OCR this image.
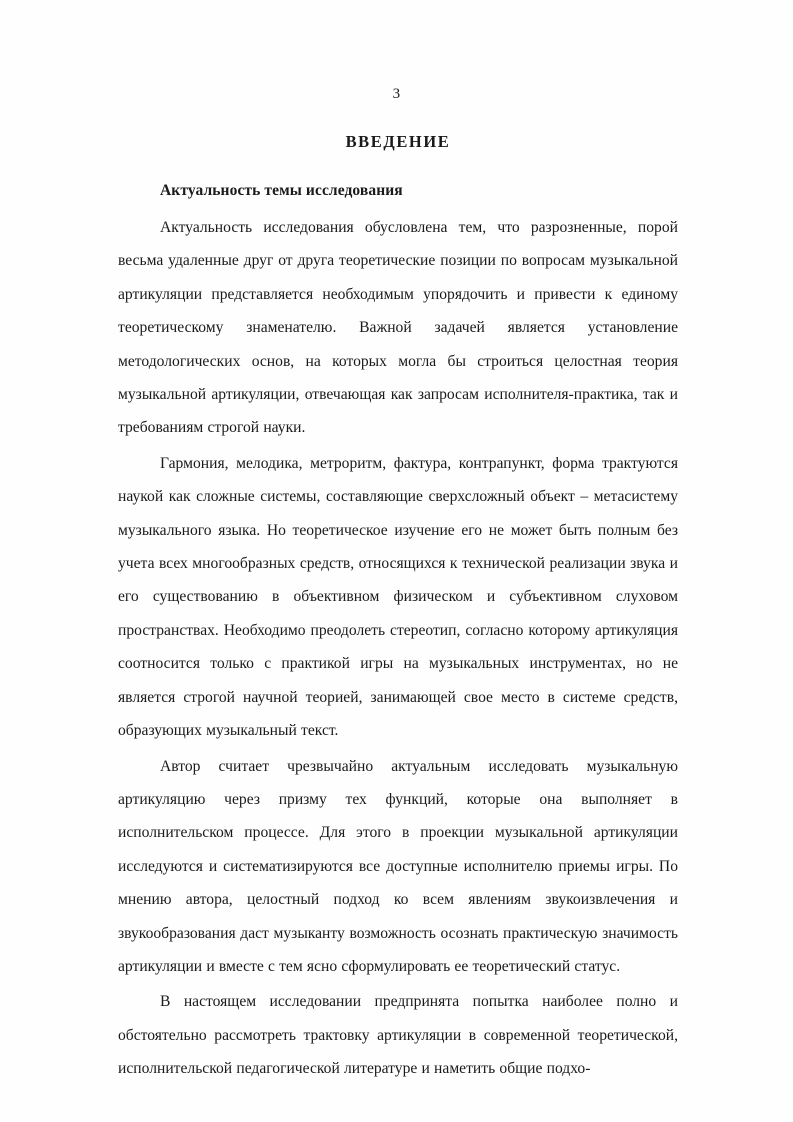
3
ВВЕДЕНИЕ
Актуальность темы исследования

Актуальность исследования обусловлена тем, что разрозненные, порой весьма удаленные друг от друга теоретические позиции по вопросам музыкальной артикуляции представляется необходимым упорядочить и привести к единому теоретическому знаменателю. Важной задачей является установление методологических основ, на которых могла бы строиться целостная теория музыкальной артикуляции, отвечающая как запросам исполнителя-практика, так и требованиям строгой науки.

Гармония, мелодика, метроритм, фактура, контрапункт, форма трактуются наукой как сложные системы, составляющие сверхсложный объект – метасистему музыкального языка. Но теоретическое изучение его не может быть полным без учета всех многообразных средств, относящихся к технической реализации звука и его существованию в объективном физическом и субъективном слуховом пространствах. Необходимо преодолеть стереотип, согласно которому артикуляция соотносится только с практикой игры на музыкальных инструментах, но не является строгой научной теорией, занимающей свое место в системе средств, образующих музыкальный текст.

Автор считает чрезвычайно актуальным исследовать музыкальную артикуляцию через призму тех функций, которые она выполняет в исполнительском процессе. Для этого в проекции музыкальной артикуляции исследуются и систематизируются все доступные исполнителю приемы игры. По мнению автора, целостный подход ко всем явлениям звукоизвлечения и звукообразования даст музыканту возможность осознать практическую значимость артикуляции и вместе с тем ясно сформулировать ее теоретический статус.

В настоящем исследовании предпринята попытка наиболее полно и обстоятельно рассмотреть трактовку артикуляции в современной теоретической, исполнительской педагогической литературе и наметить общие подхо-
